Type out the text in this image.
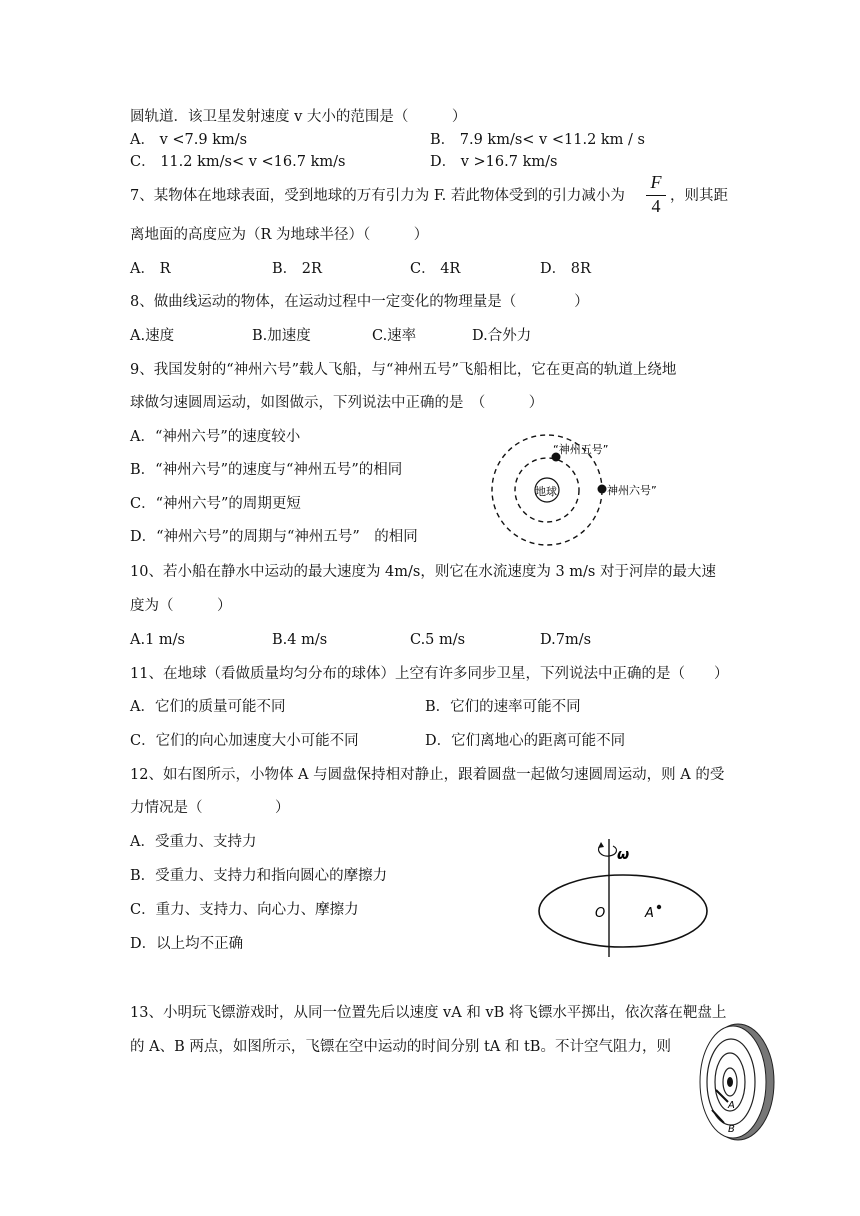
圆轨道．该卫星发射速度 v 大小的范围是（　　　）
A． v <7.9 km/s	B． 7.9 km/s< v <11.2 km / s
C． 11.2 km/s< v <16.7 km/s	D． v >16.7 km/s
7、某物体在地球表面，受到地球的万有引力为 F. 若此物体受到的引力减小为
F
4 ，则其距
离地面的高度应为（R 为地球半径）（　　　）
A． R	B． 2R	C． 4R	D． 8R
8、做曲线运动的物体，在运动过程中一定变化的物理量是（　　　　）
A.速度	B.加速度	C.速率	D.合外力
9、我国发射的“神州六号”载人飞船，与“神州五号”飞船相比，它在更高的轨道上绕地
球做匀速圆周运动，如图做示，下列说法中正确的是　（　　　）
A．“神州六号”的速度较小
B．“神州六号”的速度与“神州五号”的相同
C．“神州六号”的周期更短
D．“神州六号”的周期与“神州五号”　的相同
地球
“神州五号”
神州六号”
10、若小船在静水中运动的最大速度为 4m/s，则它在水流速度为 3 m/s 对于河岸的最大速
度为（　　　）
A.1 m/s	B.4 m/s	C.5 m/s	D.7m/s
11、在地球（看做质量均匀分布的球体）上空有许多同步卫星，下列说法中正确的是（　　）
A．它们的质量可能不同	B．它们的速率可能不同
C．它们的向心加速度大小可能不同	D．它们离地心的距离可能不同
12、如右图所示，小物体 A 与圆盘保持相对静止，跟着圆盘一起做匀速圆周运动，则 A 的受
力情况是（　　　　　）
A．受重力、支持力
B．受重力、支持力和指向圆心的摩擦力
C．重力、支持力、向心力、摩擦力
D．以上均不正确
ω
O	A
13、小明玩飞镖游戏时，从同一位置先后以速度 vA 和 vB 将飞镖水平掷出，依次落在靶盘上
的 A、B 两点，如图所示，飞镖在空中运动的时间分别 tA 和 tB。不计空气阻力，则
A
B
